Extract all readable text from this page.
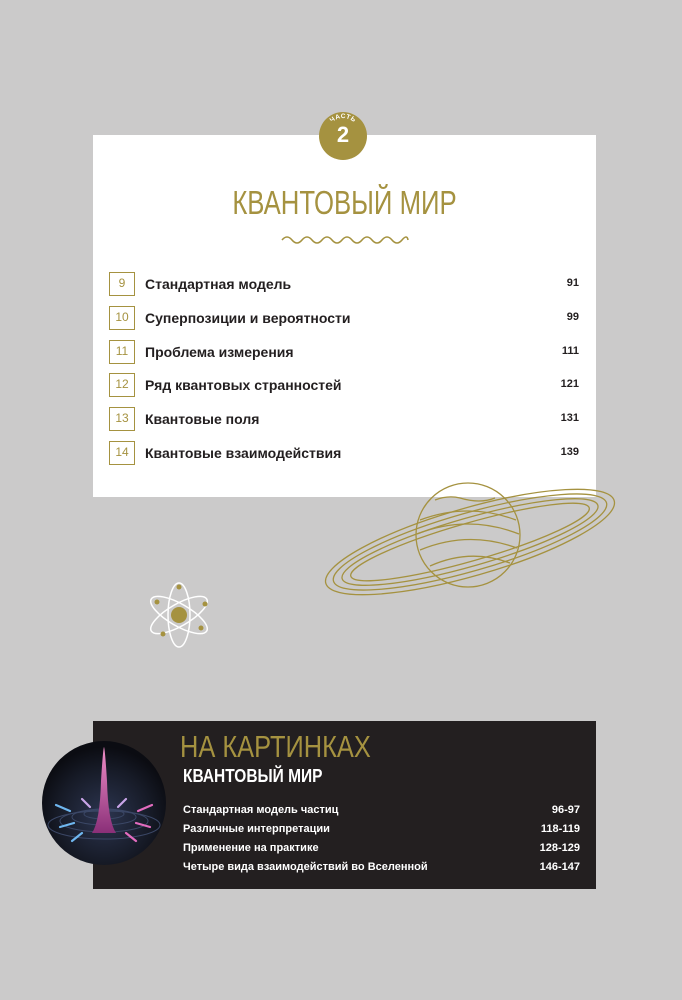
КВАНТОВЫЙ МИР
9	Стандартная модель	91
10	Суперпозиции и вероятности	99
11	Проблема измерения	111
12	Ряд квантовых странностей	121
13	Квантовые поля	131
14	Квантовые взаимодействия	139
ЧАСТЬ
2
НА КАРТИНКАХ
КВАНТОВЫЙ МИР
Стандартная модель частиц	96-97
Различные интерпретации	118-119
Применение на практике	128-129
Четыре вида взаимодействий во Вселенной	146-147
